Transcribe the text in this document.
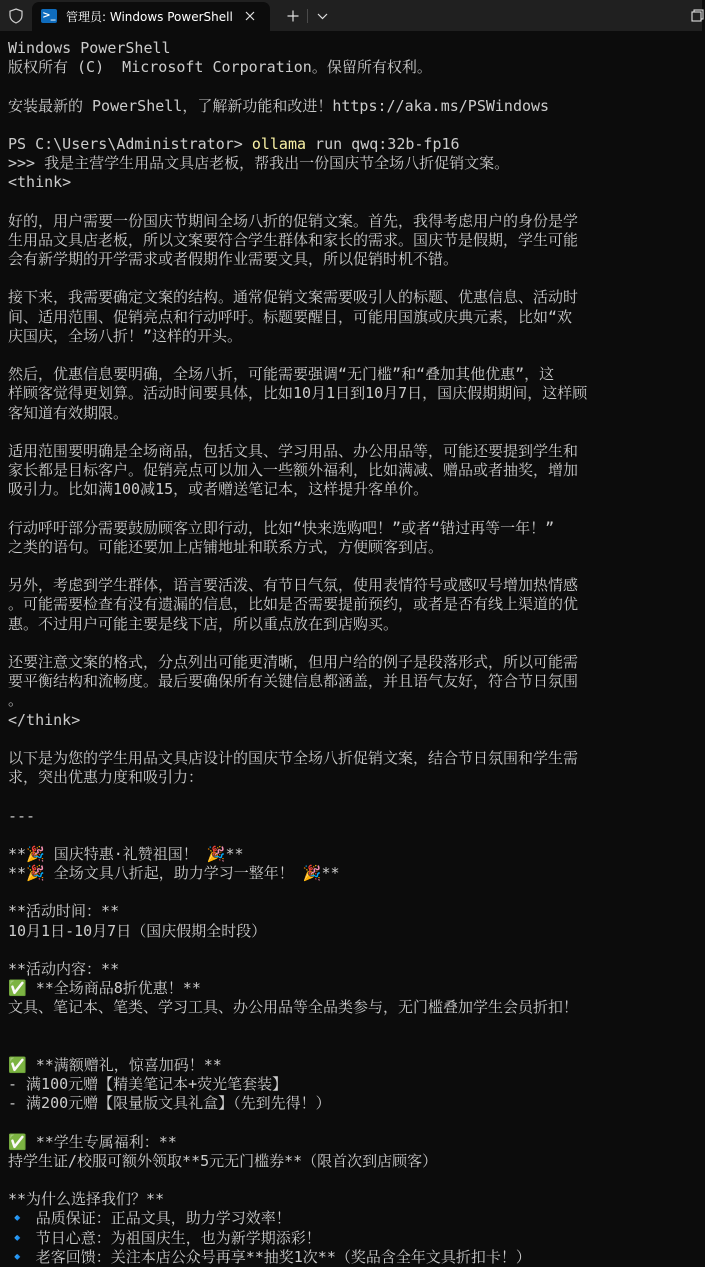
>_ 管理员: Windows PowerShell
Windows PowerShell
版权所有 (C)  Microsoft Corporation。保留所有权利。
安装最新的 PowerShell，了解新功能和改进！https://aka.ms/PSWindows
PS C:\Users\Administrator> ollama run qwq:32b-fp16
>>> 我是主营学生用品文具店老板，帮我出一份国庆节全场八折促销文案。
<think>
好的，用户需要一份国庆节期间全场八折的促销文案。首先，我得考虑用户的身份是学
生用品文具店老板，所以文案要符合学生群体和家长的需求。国庆节是假期，学生可能
会有新学期的开学需求或者假期作业需要文具，所以促销时机不错。
接下来，我需要确定文案的结构。通常促销文案需要吸引人的标题、优惠信息、活动时
间、适用范围、促销亮点和行动呼吁。标题要醒目，可能用国旗或庆典元素，比如“欢
庆国庆，全场八折！”这样的开头。
然后，优惠信息要明确，全场八折，可能需要强调“无门槛”和“叠加其他优惠”，这
样顾客觉得更划算。活动时间要具体，比如10月1日到10月7日，国庆假期期间，这样顾
客知道有效期限。
适用范围要明确是全场商品，包括文具、学习用品、办公用品等，可能还要提到学生和
家长都是目标客户。促销亮点可以加入一些额外福利，比如满减、赠品或者抽奖，增加
吸引力。比如满100减15，或者赠送笔记本，这样提升客单价。
行动呼吁部分需要鼓励顾客立即行动，比如“快来选购吧！”或者“错过再等一年！”
之类的语句。可能还要加上店铺地址和联系方式，方便顾客到店。
另外，考虑到学生群体，语言要活泼、有节日气氛，使用表情符号或感叹号增加热情感
。可能需要检查有没有遗漏的信息，比如是否需要提前预约，或者是否有线上渠道的优
惠。不过用户可能主要是线下店，所以重点放在到店购买。
还要注意文案的格式，分点列出可能更清晰，但用户给的例子是段落形式，所以可能需
要平衡结构和流畅度。最后要确保所有关键信息都涵盖，并且语气友好，符合节日氛围
。
</think>
以下是为您的学生用品文具店设计的国庆节全场八折促销文案，结合节日氛围和学生需
求，突出优惠力度和吸引力：
---
**🎉 国庆特惠·礼赞祖国！ 🎉**
**🎉 全场文具八折起，助力学习一整年！ 🎉**
**活动时间：**
10月1日-10月7日（国庆假期全时段）
**活动内容：**
✅ **全场商品8折优惠！**
文具、笔记本、笔类、学习工具、办公用品等全品类参与，无门槛叠加学生会员折扣！
✅ **满额赠礼，惊喜加码！**
- 满100元赠【精美笔记本+荧光笔套装】
- 满200元赠【限量版文具礼盒】（先到先得！）
✅ **学生专属福利：**
持学生证/校服可额外领取**5元无门槛券**（限首次到店顾客）
**为什么选择我们？**
🔹 品质保证：正品文具，助力学习效率！
🔹 节日心意：为祖国庆生，也为新学期添彩！
🔹 老客回馈：关注本店公众号再享**抽奖1次**（奖品含全年文具折扣卡！）
